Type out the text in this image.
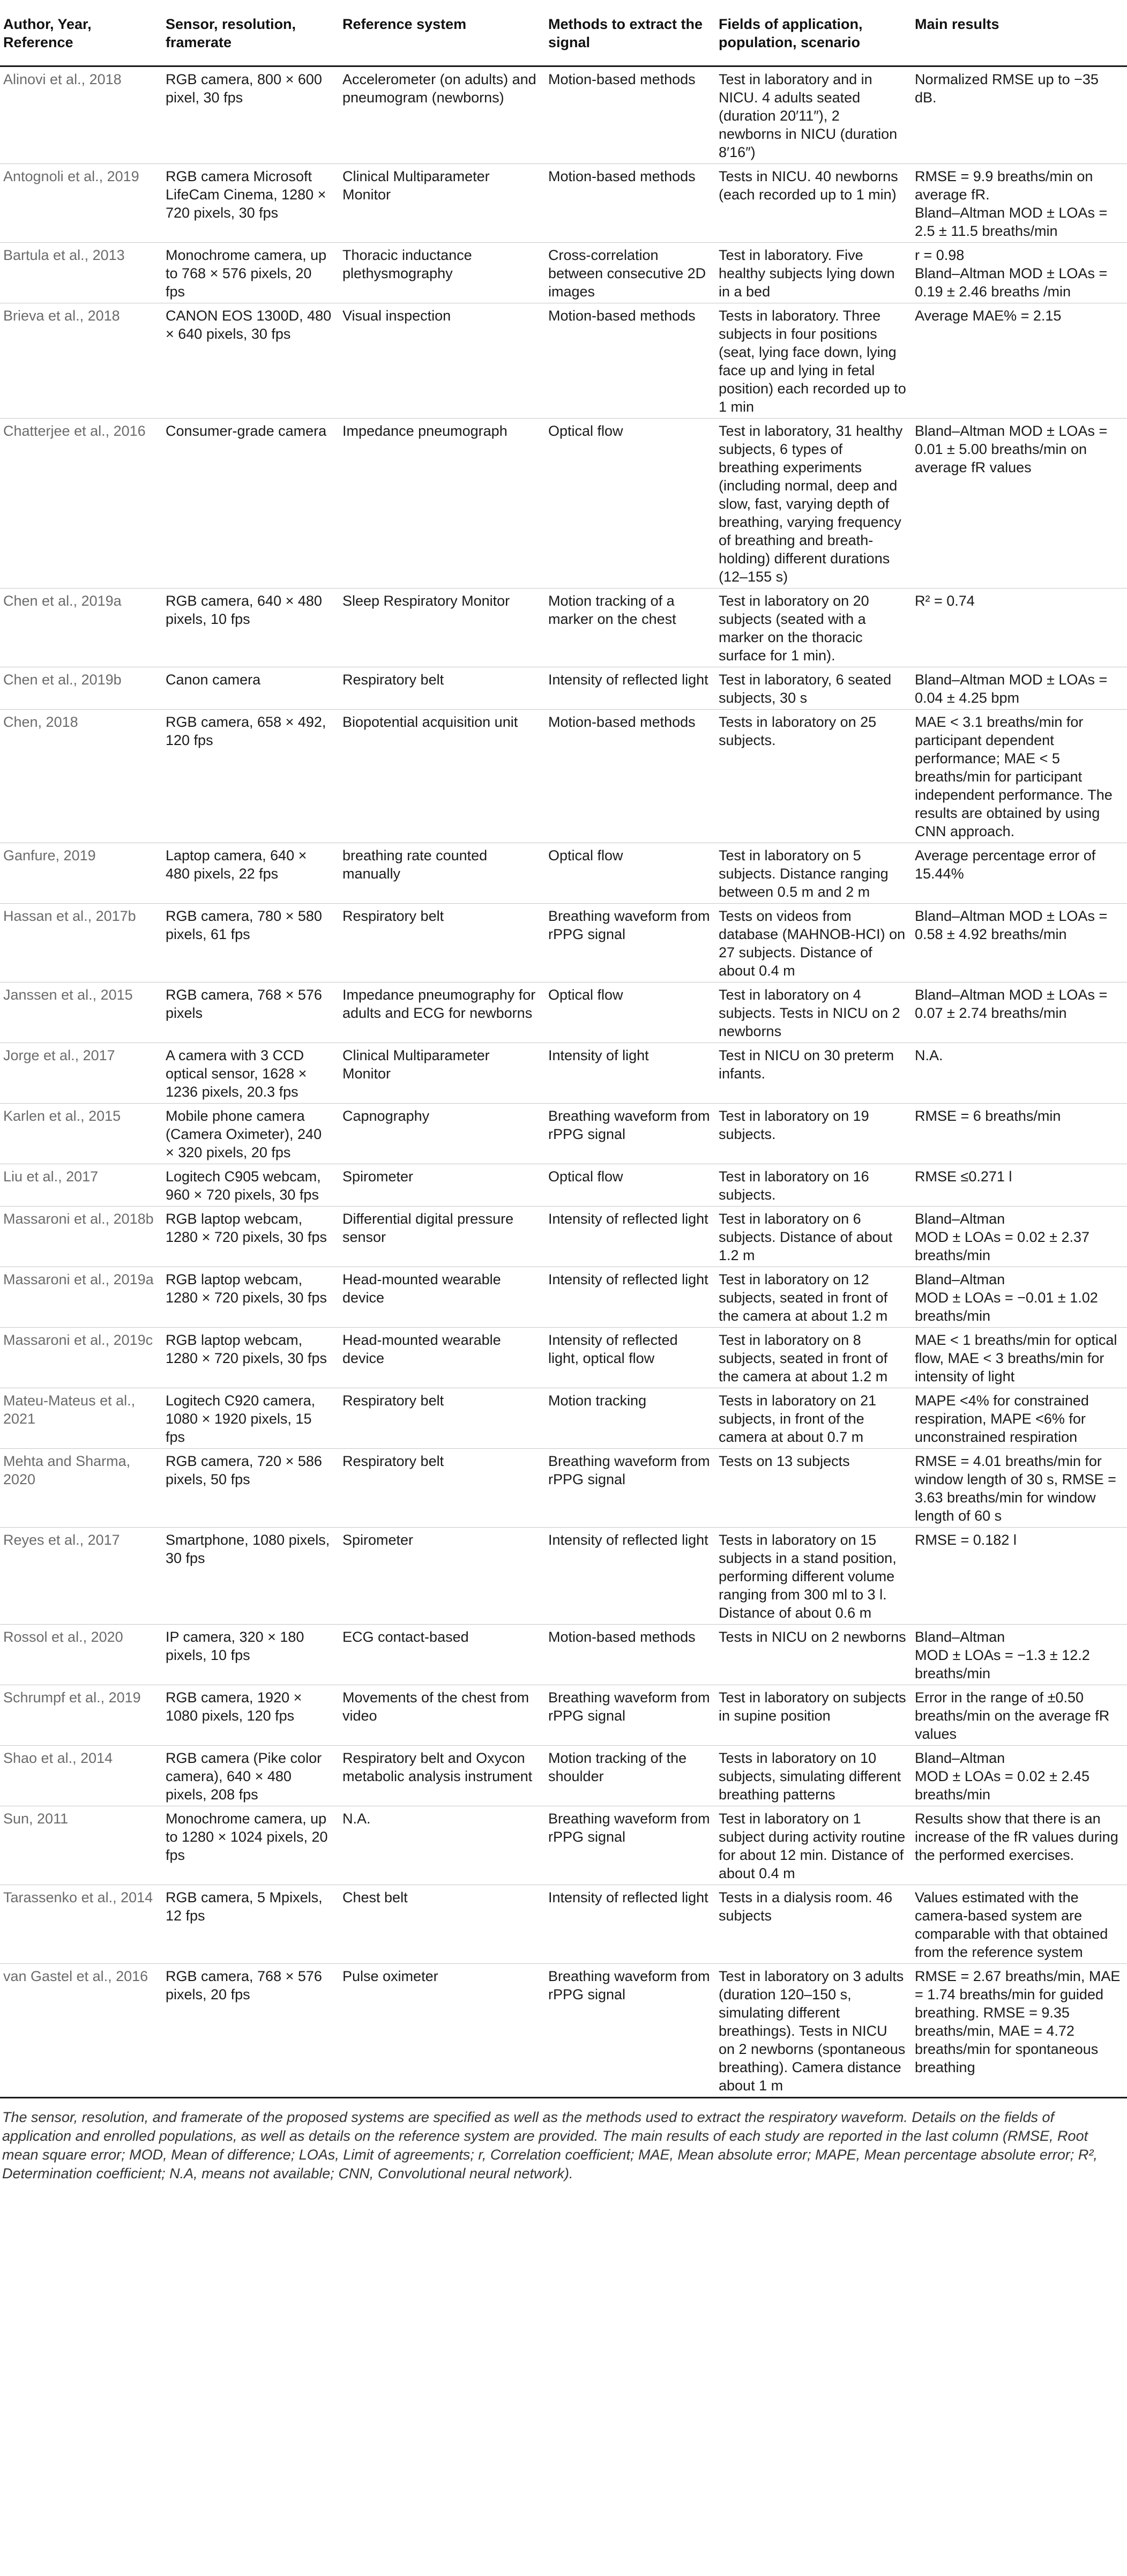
Author, Year, Reference	Sensor, resolution, framerate	Reference system	Methods to extract the signal	Fields of application, population, scenario	Main results
Alinovi et al., 2018	RGB camera, 800 × 600 pixel, 30 fps	Accelerometer (on adults) and pneumogram (newborns)	Motion-based methods	Test in laboratory and in NICU. 4 adults seated (duration 20′11″), 2 newborns in NICU (duration 8′16″)	Normalized RMSE up to −35 dB.
Antognoli et al., 2019	RGB camera Microsoft LifeCam Cinema, 1280 × 720 pixels, 30 fps	Clinical Multiparameter Monitor	Motion-based methods	Tests in NICU. 40 newborns (each recorded up to 1 min)	RMSE = 9.9 breaths/min on average fR.
Bland–Altman MOD ± LOAs = 2.5 ± 11.5 breaths/min
Bartula et al., 2013	Monochrome camera, up to 768 × 576 pixels, 20 fps	Thoracic inductance plethysmography	Cross-correlation between consecutive 2D images	Test in laboratory. Five healthy subjects lying down in a bed	r = 0.98
Bland–Altman MOD ± LOAs = 0.19 ± 2.46 breaths /min
Brieva et al., 2018	CANON EOS 1300D, 480 × 640 pixels, 30 fps	Visual inspection	Motion-based methods	Tests in laboratory. Three subjects in four positions (seat, lying face down, lying face up and lying in fetal position) each recorded up to 1 min	Average MAE% = 2.15
Chatterjee et al., 2016	Consumer-grade camera	Impedance pneumograph	Optical flow	Test in laboratory, 31 healthy subjects, 6 types of breathing experiments (including normal, deep and slow, fast, varying depth of breathing, varying frequency of breathing and breath-holding) different durations (12–155 s)	Bland–Altman MOD ± LOAs = 0.01 ± 5.00 breaths/min on average fR values
Chen et al., 2019a	RGB camera, 640 × 480 pixels, 10 fps	Sleep Respiratory Monitor	Motion tracking of a marker on the chest	Test in laboratory on 20 subjects (seated with a marker on the thoracic surface for 1 min).	R² = 0.74
Chen et al., 2019b	Canon camera	Respiratory belt	Intensity of reflected light	Test in laboratory, 6 seated subjects, 30 s	Bland–Altman MOD ± LOAs = 0.04 ± 4.25 bpm
Chen, 2018	RGB camera, 658 × 492, 120 fps	Biopotential acquisition unit	Motion-based methods	Tests in laboratory on 25 subjects.	MAE < 3.1 breaths/min for participant dependent performance; MAE < 5 breaths/min for participant independent performance. The results are obtained by using CNN approach.
Ganfure, 2019	Laptop camera, 640 × 480 pixels, 22 fps	breathing rate counted manually	Optical flow	Test in laboratory on 5 subjects. Distance ranging between 0.5 m and 2 m	Average percentage error of 15.44%
Hassan et al., 2017b	RGB camera, 780 × 580 pixels, 61 fps	Respiratory belt	Breathing waveform from rPPG signal	Tests on videos from database (MAHNOB-HCI) on 27 subjects. Distance of about 0.4 m	Bland–Altman MOD ± LOAs = 0.58 ± 4.92 breaths/min
Janssen et al., 2015	RGB camera, 768 × 576 pixels	Impedance pneumography for adults and ECG for newborns	Optical flow	Test in laboratory on 4 subjects. Tests in NICU on 2 newborns	Bland–Altman MOD ± LOAs = 0.07 ± 2.74 breaths/min
Jorge et al., 2017	A camera with 3 CCD optical sensor, 1628 × 1236 pixels, 20.3 fps	Clinical Multiparameter Monitor	Intensity of light	Test in NICU on 30 preterm infants.	N.A.
Karlen et al., 2015	Mobile phone camera (Camera Oximeter), 240 × 320 pixels, 20 fps	Capnography	Breathing waveform from rPPG signal	Test in laboratory on 19 subjects.	RMSE = 6 breaths/min
Liu et al., 2017	Logitech C905 webcam, 960 × 720 pixels, 30 fps	Spirometer	Optical flow	Test in laboratory on 16 subjects.	RMSE ≤0.271 l
Massaroni et al., 2018b	RGB laptop webcam, 1280 × 720 pixels, 30 fps	Differential digital pressure sensor	Intensity of reflected light	Test in laboratory on 6 subjects. Distance of about 1.2 m	Bland–Altman
MOD ± LOAs = 0.02 ± 2.37 breaths/min
Massaroni et al., 2019a	RGB laptop webcam, 1280 × 720 pixels, 30 fps	Head-mounted wearable device	Intensity of reflected light	Test in laboratory on 12 subjects, seated in front of the camera at about 1.2 m	Bland–Altman
MOD ± LOAs = −0.01 ± 1.02 breaths/min
Massaroni et al., 2019c	RGB laptop webcam, 1280 × 720 pixels, 30 fps	Head-mounted wearable device	Intensity of reflected light, optical flow	Test in laboratory on 8 subjects, seated in front of the camera at about 1.2 m	MAE < 1 breaths/min for optical flow, MAE < 3 breaths/min for intensity of light
Mateu-Mateus et al., 2021	Logitech C920 camera, 1080 × 1920 pixels, 15 fps	Respiratory belt	Motion tracking	Tests in laboratory on 21 subjects, in front of the camera at about 0.7 m	MAPE <4% for constrained respiration, MAPE <6% for unconstrained respiration
Mehta and Sharma, 2020	RGB camera, 720 × 586 pixels, 50 fps	Respiratory belt	Breathing waveform from rPPG signal	Tests on 13 subjects	RMSE = 4.01 breaths/min for window length of 30 s, RMSE = 3.63 breaths/min for window length of 60 s
Reyes et al., 2017	Smartphone, 1080 pixels, 30 fps	Spirometer	Intensity of reflected light	Tests in laboratory on 15 subjects in a stand position, performing different volume ranging from 300 ml to 3 l. Distance of about 0.6 m	RMSE = 0.182 l
Rossol et al., 2020	IP camera, 320 × 180 pixels, 10 fps	ECG contact-based	Motion-based methods	Tests in NICU on 2 newborns	Bland–Altman
MOD ± LOAs = −1.3 ± 12.2 breaths/min
Schrumpf et al., 2019	RGB camera, 1920 × 1080 pixels, 120 fps	Movements of the chest from video	Breathing waveform from rPPG signal	Test in laboratory on subjects in supine position	Error in the range of ±0.50 breaths/min on the average fR values
Shao et al., 2014	RGB camera (Pike color camera), 640 × 480 pixels, 208 fps	Respiratory belt and Oxycon metabolic analysis instrument	Motion tracking of the shoulder	Tests in laboratory on 10 subjects, simulating different breathing patterns	Bland–Altman
MOD ± LOAs = 0.02 ± 2.45 breaths/min
Sun, 2011	Monochrome camera, up to 1280 × 1024 pixels, 20 fps	N.A.	Breathing waveform from rPPG signal	Test in laboratory on 1 subject during activity routine for about 12 min. Distance of about 0.4 m	Results show that there is an increase of the fR values during the performed exercises.
Tarassenko et al., 2014	RGB camera, 5 Mpixels, 12 fps	Chest belt	Intensity of reflected light	Tests in a dialysis room. 46 subjects	Values estimated with the camera-based system are comparable with that obtained from the reference system
van Gastel et al., 2016	RGB camera, 768 × 576 pixels, 20 fps	Pulse oximeter	Breathing waveform from rPPG signal	Test in laboratory on 3 adults (duration 120–150 s, simulating different breathings). Tests in NICU on 2 newborns (spontaneous breathing). Camera distance about 1 m	RMSE = 2.67 breaths/min, MAE = 1.74 breaths/min for guided breathing. RMSE = 9.35 breaths/min, MAE = 4.72 breaths/min for spontaneous breathing

The sensor, resolution, and framerate of the proposed systems are specified as well as the methods used to extract the respiratory waveform. Details on the fields of application and enrolled populations, as well as details on the reference system are provided. The main results of each study are reported in the last column (RMSE, Root mean square error; MOD, Mean of difference; LOAs, Limit of agreements; r, Correlation coefficient; MAE, Mean absolute error; MAPE, Mean percentage absolute error; R², Determination coefficient; N.A, means not available; CNN, Convolutional neural network).
